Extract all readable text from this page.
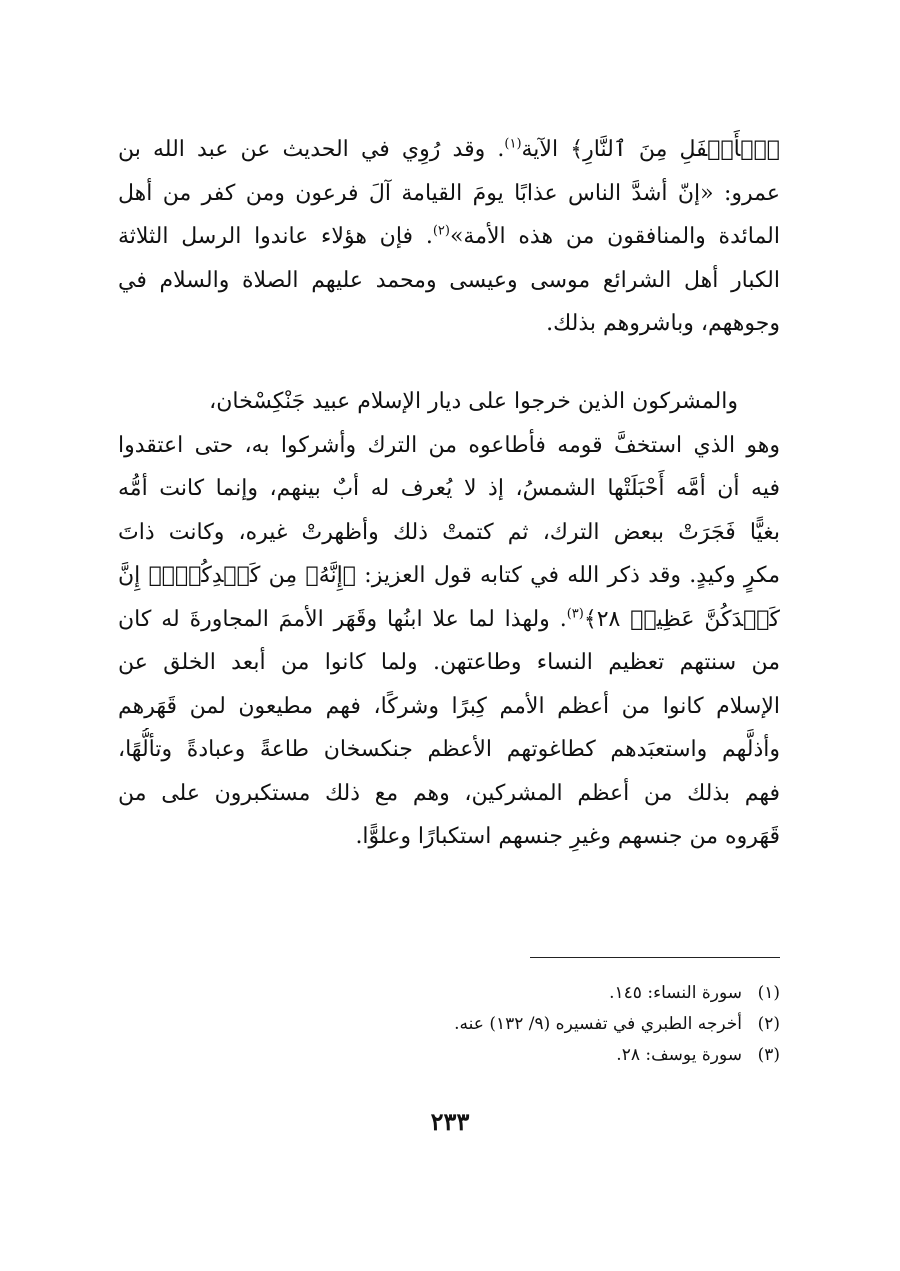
ﭐلۡأَسۡفَلِ مِنَ ٱلنَّارِ﴾ الآية$^{(١)}$. وقد رُوِي في الحديث عن عبد الله بن
عمرو: «إنّ أشدَّ الناس عذابًا يومَ القيامة آلَ فرعون ومن كفر من أهل
المائدة والمنافقون من هذه الأمة»$^{(٢)}$. فإن هؤلاء عاندوا الرسل الثلاثة
الكبار أهل الشرائع موسى وعيسى ومحمد عليهم الصلاة والسلام في
وجوههم، وباشروهم بذلك.
والمشركون الذين خرجوا على ديار الإسلام عبيد جَنْكِسْخان،
وهو الذي استخفَّ قومه فأطاعوه من الترك وأشركوا به، حتى اعتقدوا
فيه أن أمَّه أَحْبَلَتْها الشمسُ، إذ لا يُعرف له أبٌ بينهم، وإنما كانت أمُّه
بغيًّا فَجَرَتْ ببعض الترك، ثم كتمتْ ذلك وأظهرتْ غيره، وكانت ذاتَ
مكرٍ وكيدٍ. وقد ذكر الله في كتابه قول العزيز: ﴿إِنَّهُۥ مِن كَيۡدِكُنَّۖ إِنَّ
كَيۡدَكُنَّ عَظِيمٞ ٢٨﴾$^{(٣)}$. ولهذا لما علا ابنُها وقَهَر الأممَ المجاورةَ له كان
من سنتهم تعظيم النساء وطاعتهن. ولما كانوا من أبعد الخلق عن
الإسلام كانوا من أعظم الأمم كِبرًا وشركًا، فهم مطيعون لمن قَهَرهم
وأذلَّهم واستعبَدهم كطاغوتهم الأعظم جنكسخان طاعةً وعبادةً وتألُّهًا،
فهم بذلك من أعظم المشركين، وهم مع ذلك مستكبرون على من
قَهَروه من جنسهم وغيرِ جنسهم استكبارًا وعلوًّا.
(١)سورة النساء: ١٤٥.
(٢)أخرجه الطبري في تفسيره (٩/ ١٣٢) عنه.
(٣)سورة يوسف: ٢٨.
٢٣٣
